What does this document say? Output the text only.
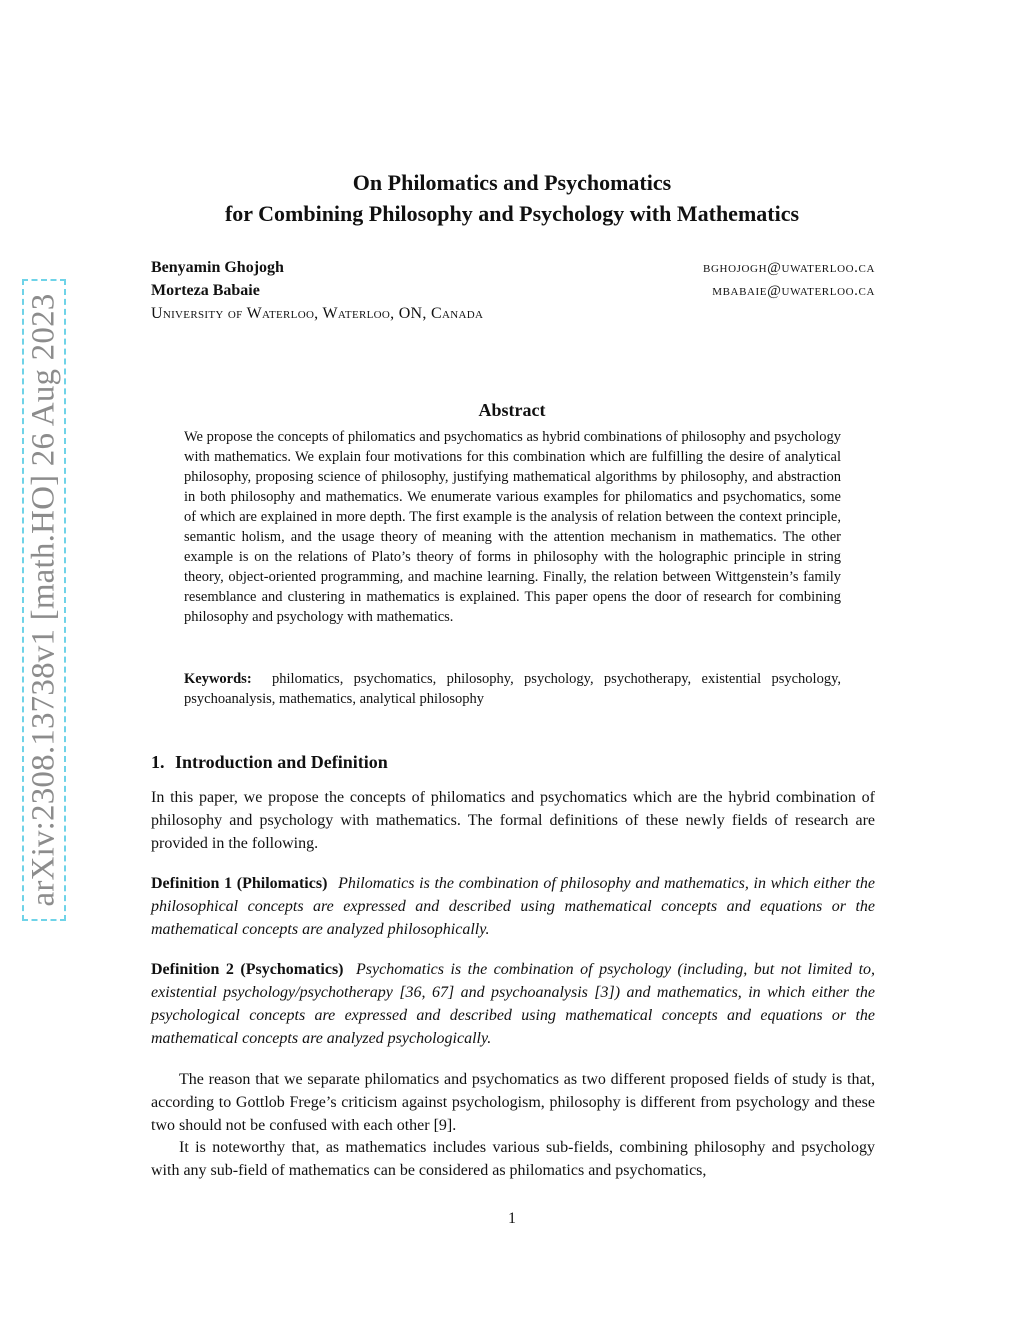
arXiv:2308.13738v1 [math.HO] 26 Aug 2023
On Philomatics and Psychomatics
for Combining Philosophy and Psychology with Mathematics
Benyamin Ghojogh	bghojogh@uwaterloo.ca
Morteza Babaie	mbabaie@uwaterloo.ca
University of Waterloo, Waterloo, ON, Canada
Abstract
We propose the concepts of philomatics and psychomatics as hybrid combinations of philosophy and psychology with mathematics. We explain four motivations for this combination which are fulfilling the desire of analytical philosophy, proposing science of philosophy, justifying mathematical algorithms by philosophy, and abstraction in both philosophy and mathematics. We enumerate various examples for philomatics and psychomatics, some of which are explained in more depth. The first example is the analysis of relation between the context principle, semantic holism, and the usage theory of meaning with the attention mechanism in mathematics. The other example is on the relations of Plato’s theory of forms in philosophy with the holographic principle in string theory, object-oriented programming, and machine learning. Finally, the relation between Wittgenstein’s family resemblance and clustering in mathematics is explained. This paper opens the door of research for combining philosophy and psychology with mathematics.
Keywords: philomatics, psychomatics, philosophy, psychology, psychotherapy, existential psychology, psychoanalysis, mathematics, analytical philosophy
1. Introduction and Definition

In this paper, we propose the concepts of philomatics and psychomatics which are the hybrid combination of philosophy and psychology with mathematics. The formal definitions of these newly fields of research are provided in the following.

Definition 1 (Philomatics) Philomatics is the combination of philosophy and mathematics, in which either the philosophical concepts are expressed and described using mathematical concepts and equations or the mathematical concepts are analyzed philosophically.

Definition 2 (Psychomatics) Psychomatics is the combination of psychology (including, but not limited to, existential psychology/psychotherapy [36, 67] and psychoanalysis [3]) and mathematics, in which either the psychological concepts are expressed and described using mathematical concepts and equations or the mathematical concepts are analyzed psychologically.

The reason that we separate philomatics and psychomatics as two different proposed fields of study is that, according to Gottlob Frege’s criticism against psychologism, philosophy is different from psychology and these two should not be confused with each other [9].

It is noteworthy that, as mathematics includes various sub-fields, combining philosophy and psychology with any sub-field of mathematics can be considered as philomatics and psychomatics,

1
